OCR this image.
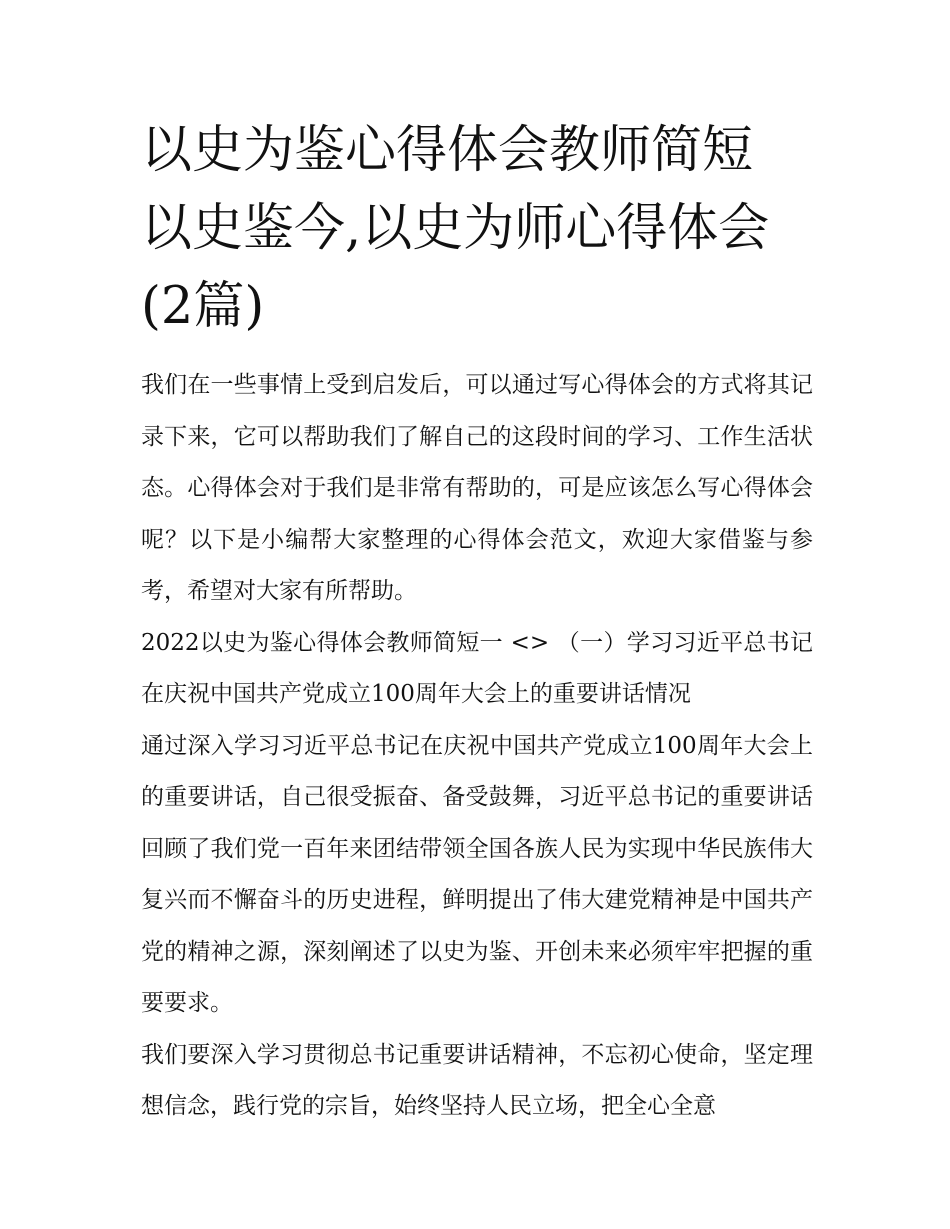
以史为鉴心得体会教师简短 以史鉴今,以史为师心得体会(2篇)

我们在一些事情上受到启发后，可以通过写心得体会的方式将其记录下来，它可以帮助我们了解自己的这段时间的学习、工作生活状态。心得体会对于我们是非常有帮助的，可是应该怎么写心得体会呢？以下是小编帮大家整理的心得体会范文，欢迎大家借鉴与参考，希望对大家有所帮助。

2022以史为鉴心得体会教师简短一 <> （一）学习习近平总书记在庆祝中国共产党成立100周年大会上的重要讲话情况

通过深入学习习近平总书记在庆祝中国共产党成立100周年大会上的重要讲话，自己很受振奋、备受鼓舞，习近平总书记的重要讲话回顾了我们党一百年来团结带领全国各族人民为实现中华民族伟大复兴而不懈奋斗的历史进程，鲜明提出了伟大建党精神是中国共产党的精神之源，深刻阐述了以史为鉴、开创未来必须牢牢把握的重要要求。

我们要深入学习贯彻总书记重要讲话精神，不忘初心使命，坚定理想信念，践行党的宗旨，始终坚持人民立场，把全心全意
